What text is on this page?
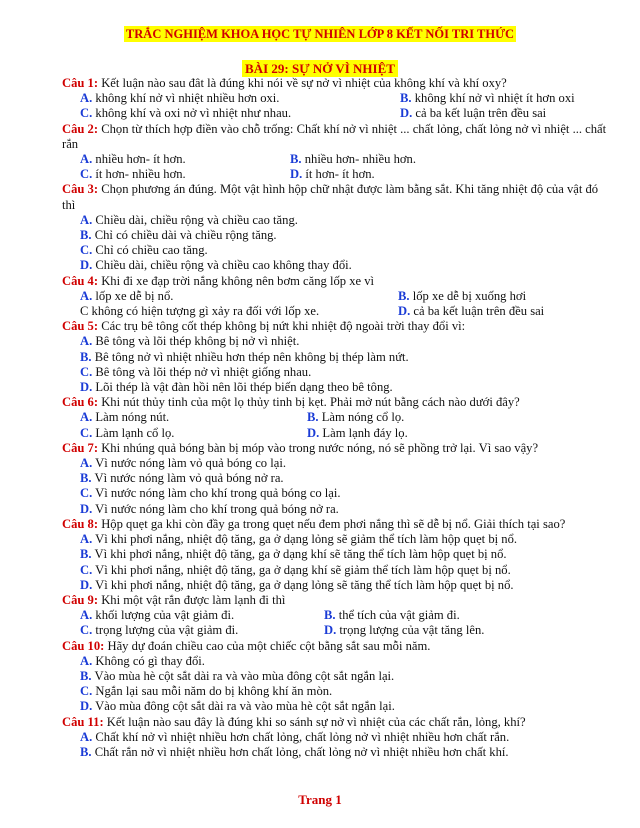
TRẮC NGHIỆM KHOA HỌC TỰ NHIÊN LỚP 8 KẾT NỐI TRI THỨC
BÀI 29: SỰ NỞ VÌ NHIỆT
Câu 1: Kết luận nào sau đât là đúng khi nói về sự nở vì nhiệt của không khí và khí oxy?
A. không khí nở vì nhiệt nhiều hơn oxi.	B. không khí nở vì nhiệt ít hơn oxi
C. không khí và oxi nở vì nhiệt như nhau.	D. cả ba kết luận trên đều sai
Câu 2: Chọn từ thích hợp điền vào chỗ trống: Chất khí nở vì nhiệt ... chất lỏng, chất lỏng nở vì nhiệt ... chất rắn
A. nhiều hơn- ít hơn.	B. nhiều hơn- nhiều hơn.
C. ít hơn- nhiều hơn.	D. ít hơn- ít hơn.
Câu 3: Chọn phương án đúng. Một vật hình hộp chữ nhật được làm bằng sắt. Khi tăng nhiệt độ của vật đó thì
A. Chiều dài, chiều rộng và chiều cao tăng.
B. Chỉ có chiều dài và chiều rộng tăng.
C. Chỉ có chiều cao tăng.
D. Chiều dài, chiều rộng và chiều cao không thay đổi.
Câu 4: Khi đi xe đạp trời nắng không nên bơm căng lốp xe vì
A. lốp xe dễ bị nổ.	B. lốp xe dễ bị xuống hơi
C không có hiện tượng gì xảy ra đối với lốp xe.	D. cả ba kết luận trên đều sai
Câu 5: Các trụ bê tông cốt thép không bị nứt khi nhiệt độ ngoài trời thay đổi vì:
A. Bê tông và lõi thép không bị nở vì nhiệt.
B. Bê tông nở vì nhiệt nhiều hơn thép nên không bị thép làm nứt.
C. Bê tông và lõi thép nở vì nhiệt giống nhau.
D. Lõi thép là vật đàn hồi nên lõi thép biến dạng theo bê tông.
Câu 6: Khi nút thủy tinh của một lọ thủy tinh bị kẹt. Phải mở nút bằng cách nào dưới đây?
A. Làm nóng nút.	B. Làm nóng cổ lọ.
C. Làm lạnh cổ lọ.	D. Làm lạnh đáy lọ.
Câu 7: Khi nhúng quả bóng bàn bị móp vào trong nước nóng, nó sẽ phồng trở lại. Vì sao vậy?
A. Vì nước nóng làm vỏ quả bóng co lại.
B. Vì nước nóng làm vỏ quả bóng nở ra.
C. Vì nước nóng làm cho khí trong quả bóng co lại.
D. Vì nước nóng làm cho khí trong quả bóng nở ra.
Câu 8: Hộp quẹt ga khi còn đầy ga trong quẹt nếu đem phơi nắng thì sẽ dễ bị nổ. Giải thích tại sao?
A. Vì khi phơi nắng, nhiệt độ tăng, ga ở dạng lỏng sẽ giảm thể tích làm hộp quẹt bị nổ.
B. Vì khi phơi nắng, nhiệt độ tăng, ga ở dạng khí sẽ tăng thể tích làm hộp quẹt bị nổ.
C. Vì khi phơi nắng, nhiệt độ tăng, ga ở dạng khí sẽ giảm thể tích làm hộp quẹt bị nổ.
D. Vì khi phơi nắng, nhiệt độ tăng, ga ở dạng lỏng sẽ tăng thể tích làm hộp quẹt bị nổ.
Câu 9: Khi một vật rắn được làm lạnh đi thì
A. khối lượng của vật giảm đi.	B. thể tích của vật giảm đi.
C. trọng lượng của vật giảm đi.	D. trọng lượng của vật tăng lên.
Câu 10: Hãy dự đoán chiều cao của một chiếc cột bằng sắt sau mỗi năm.
A. Không có gì thay đổi.
B. Vào mùa hè cột sắt dài ra và vào mùa đông cột sắt ngắn lại.
C. Ngắn lại sau mỗi năm do bị không khí ăn mòn.
D. Vào mùa đông cột sắt dài ra và vào mùa hè cột sắt ngắn lại.
Câu 11: Kết luận nào sau đây là đúng khi so sánh sự nở vì nhiệt của các chất rắn, lỏng, khí?
A. Chất khí nở vì nhiệt nhiều hơn chất lỏng, chất lỏng nở vì nhiệt nhiều hơn chất rắn.
B. Chất rắn nở vì nhiệt nhiều hơn chất lỏng, chất lỏng nở vì nhiệt nhiều hơn chất khí.
Trang 1
